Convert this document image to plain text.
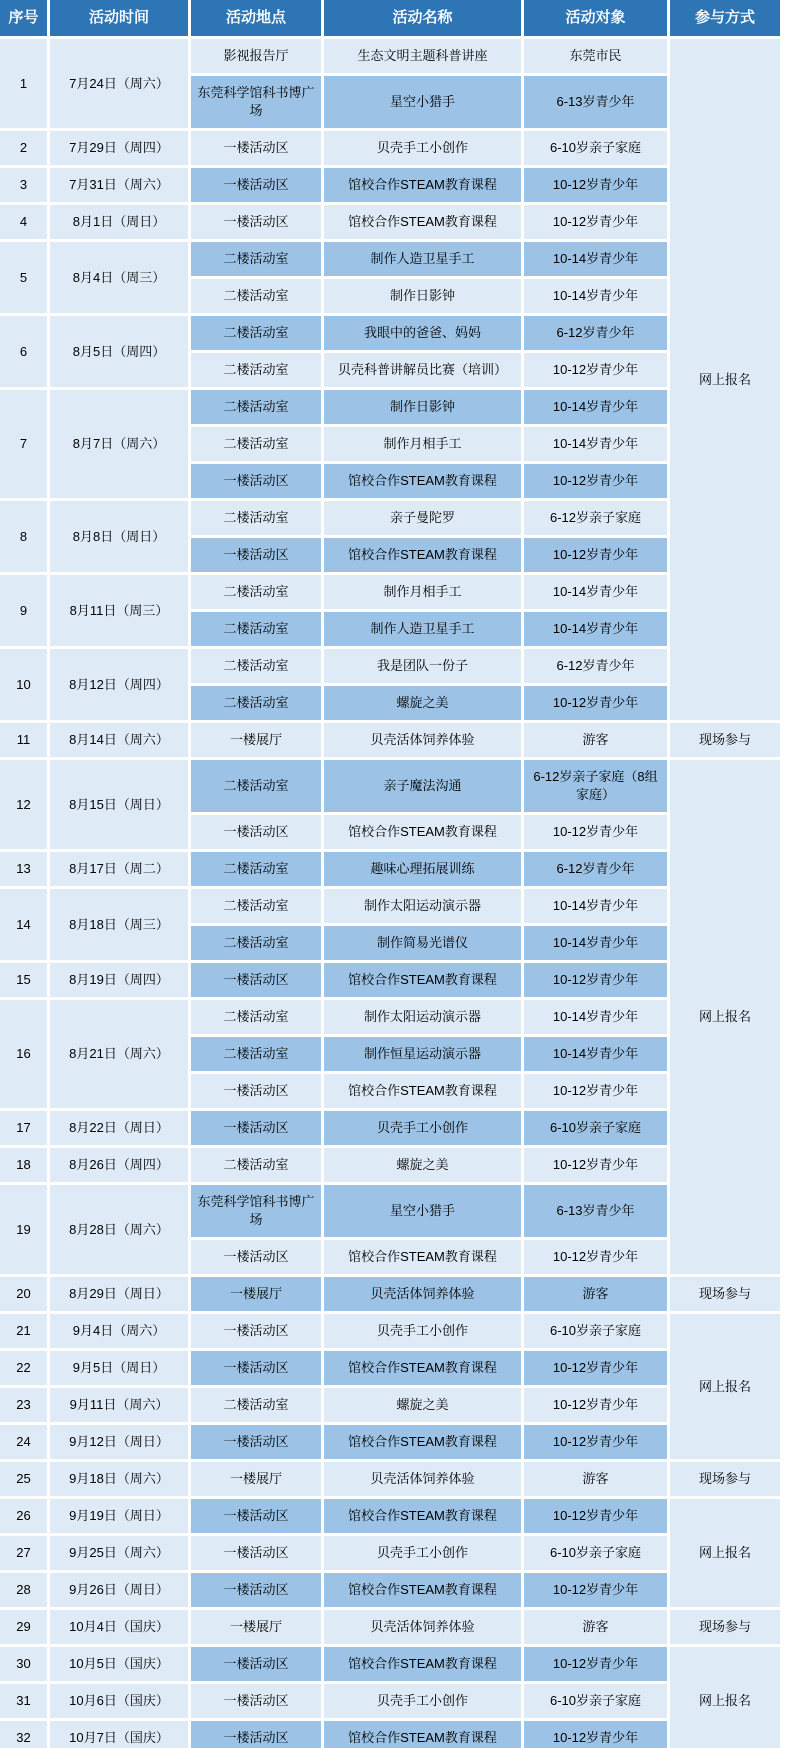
序号	活动时间	活动地点	活动名称	活动对象	参与方式
1	7月24日（周六）	影视报告厅	生态文明主题科普讲座	东莞市民	网上报名
		东莞科学馆科书博广场	星空小猎手	6-13岁青少年	
2	7月29日（周四）	一楼活动区	贝壳手工小创作	6-10岁亲子家庭	
3	7月31日（周六）	一楼活动区	馆校合作STEAM教育课程	10-12岁青少年	
4	8月1日（周日）	一楼活动区	馆校合作STEAM教育课程	10-12岁青少年	
5	8月4日（周三）	二楼活动室	制作人造卫星手工	10-14岁青少年	
		二楼活动室	制作日影钟	10-14岁青少年	
6	8月5日（周四）	二楼活动室	我眼中的爸爸、妈妈	6-12岁青少年	
		二楼活动室	贝壳科普讲解员比赛（培训）	10-12岁青少年	
7	8月7日（周六）	二楼活动室	制作日影钟	10-14岁青少年	
		二楼活动室	制作月相手工	10-14岁青少年	
		一楼活动区	馆校合作STEAM教育课程	10-12岁青少年	
8	8月8日（周日）	二楼活动室	亲子曼陀罗	6-12岁亲子家庭	
		一楼活动区	馆校合作STEAM教育课程	10-12岁青少年	
9	8月11日（周三）	二楼活动室	制作月相手工	10-14岁青少年	
		二楼活动室	制作人造卫星手工	10-14岁青少年	
10	8月12日（周四）	二楼活动室	我是团队一份子	6-12岁青少年	
		二楼活动室	螺旋之美	10-12岁青少年	
11	8月14日（周六）	一楼展厅	贝壳活体饲养体验	游客	现场参与
12	8月15日（周日）	二楼活动室	亲子魔法沟通	6-12岁亲子家庭（8组家庭）	网上报名
		一楼活动区	馆校合作STEAM教育课程	10-12岁青少年	
13	8月17日（周二）	二楼活动室	趣味心理拓展训练	6-12岁青少年	
14	8月18日（周三）	二楼活动室	制作太阳运动演示器	10-14岁青少年	
		二楼活动室	制作简易光谱仪	10-14岁青少年	
15	8月19日（周四）	一楼活动区	馆校合作STEAM教育课程	10-12岁青少年	
16	8月21日（周六）	二楼活动室	制作太阳运动演示器	10-14岁青少年	
		二楼活动室	制作恒星运动演示器	10-14岁青少年	
		一楼活动区	馆校合作STEAM教育课程	10-12岁青少年	
17	8月22日（周日）	一楼活动区	贝壳手工小创作	6-10岁亲子家庭	
18	8月26日（周四）	二楼活动室	螺旋之美	10-12岁青少年	
19	8月28日（周六）	东莞科学馆科书博广场	星空小猎手	6-13岁青少年	
		一楼活动区	馆校合作STEAM教育课程	10-12岁青少年	
20	8月29日（周日）	一楼展厅	贝壳活体饲养体验	游客	现场参与
21	9月4日（周六）	一楼活动区	贝壳手工小创作	6-10岁亲子家庭	网上报名
22	9月5日（周日）	一楼活动区	馆校合作STEAM教育课程	10-12岁青少年	
23	9月11日（周六）	二楼活动室	螺旋之美	10-12岁青少年	
24	9月12日（周日）	一楼活动区	馆校合作STEAM教育课程	10-12岁青少年	
25	9月18日（周六）	一楼展厅	贝壳活体饲养体验	游客	现场参与
26	9月19日（周日）	一楼活动区	馆校合作STEAM教育课程	10-12岁青少年	网上报名
27	9月25日（周六）	一楼活动区	贝壳手工小创作	6-10岁亲子家庭	
28	9月26日（周日）	一楼活动区	馆校合作STEAM教育课程	10-12岁青少年	
29	10月4日（国庆）	一楼展厅	贝壳活体饲养体验	游客	现场参与
30	10月5日（国庆）	一楼活动区	馆校合作STEAM教育课程	10-12岁青少年	网上报名
31	10月6日（国庆）	一楼活动区	贝壳手工小创作	6-10岁亲子家庭	
32	10月7日（国庆）	一楼活动区	馆校合作STEAM教育课程	10-12岁青少年	
